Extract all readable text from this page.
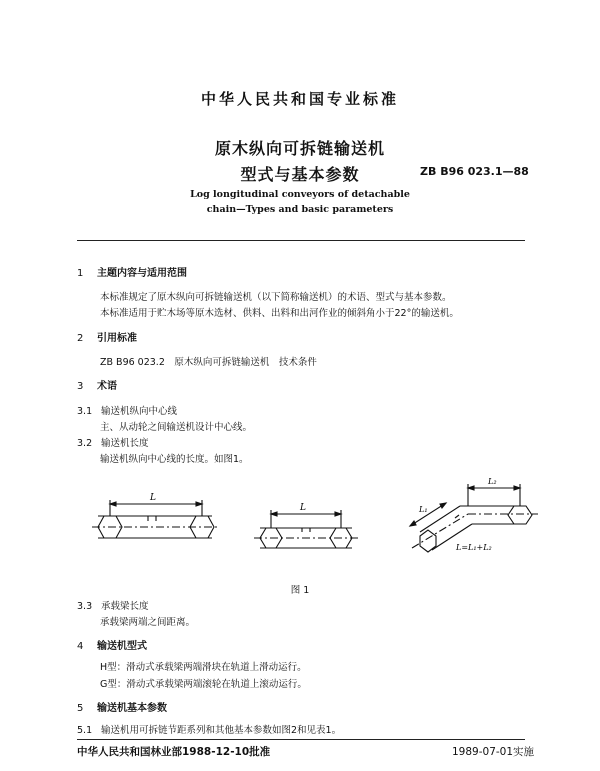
中华人民共和国专业标准
原木纵向可拆链输送机
型式与基本参数	ZB B96 023.1—88
Log longitudinal conveyors of detachable
chain—Types and basic parameters
1 主题内容与适用范围
本标准规定了原木纵向可拆链输送机（以下简称输送机）的术语、型式与基本参数。
本标准适用于贮木场等原木选材、供料、出料和出河作业的倾斜角小于22°的输送机。
2 引用标准
ZB B96 023.2　原木纵向可拆链输送机　技术条件
3 术语
3.1 输送机纵向中心线
主、从动轮之间输送机设计中心线。
3.2 输送机长度
输送机纵向中心线的长度。如图1。
L
L	L₁
L₂
L=L₁+L₂
图 1
3.3 承载梁长度
承载梁两端之间距离。
4 输送机型式
H型：滑动式承载梁两端滑块在轨道上滑动运行。
G型：滑动式承载梁两端滚轮在轨道上滚动运行。
5 输送机基本参数
5.1 输送机用可拆链节距系列和其他基本参数如图2和见表1。
中华人民共和国林业部1988-12-10批准	1989-07-01实施
